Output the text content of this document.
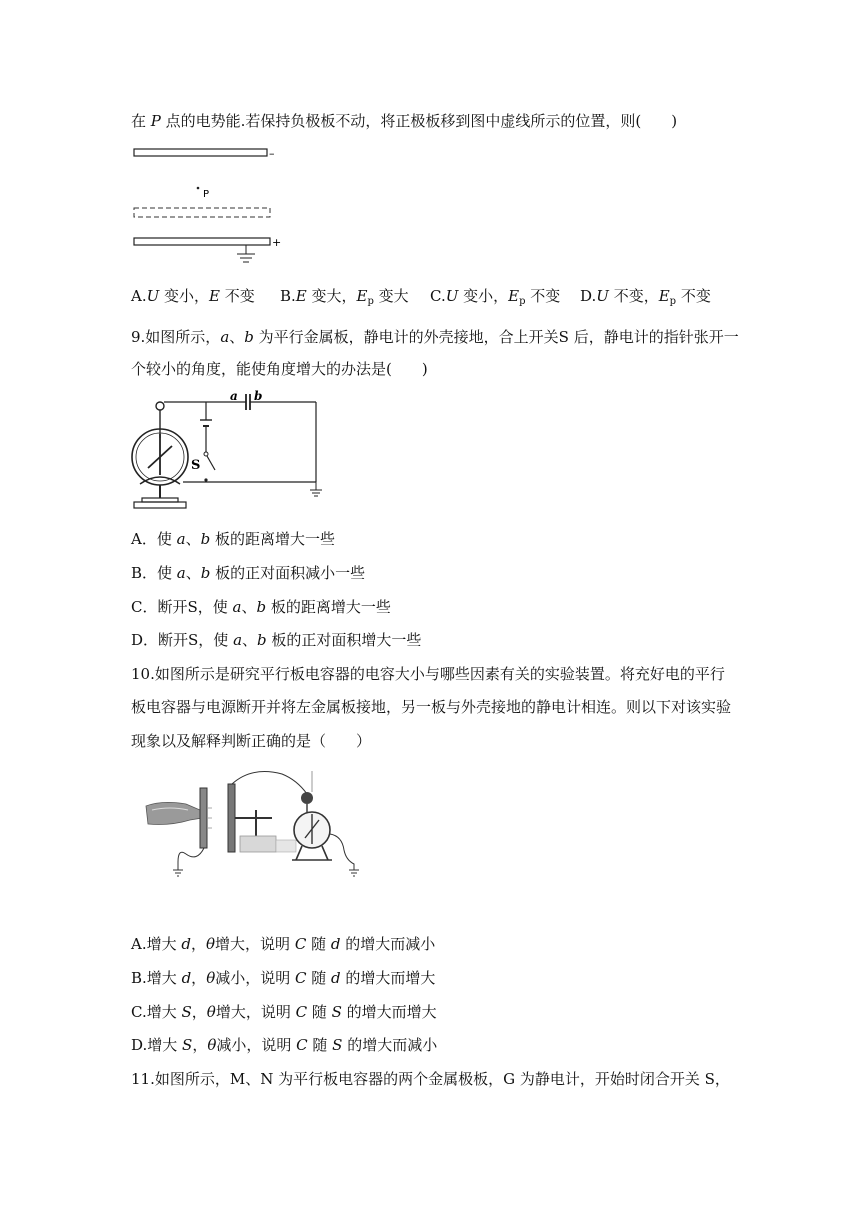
在 P 点的电势能.若保持负极板不动，将正极板移到图中虚线所示的位置，则(　　)
–
P
+
A.U 变小，E 不变 B.E 变大，$E_p$ 变大 C.U 变小，$E_p$ 不变 D.U 不变，$E_p$ 不变
9.如图所示，a、b 为平行金属板，静电计的外壳接地，合上开关S 后，静电计的指针张开一
个较小的角度，能使角度增大的办法是(　　)
a b
S
A．使 a、b 板的距离增大一些
B．使 a、b 板的正对面积减小一些
C．断开S，使 a、b 板的距离增大一些
D．断开S，使 a、b 板的正对面积增大一些
10.如图所示是研究平行板电容器的电容大小与哪些因素有关的实验装置。将充好电的平行
板电容器与电源断开并将左金属板接地，另一板与外壳接地的静电计相连。则以下对该实验
现象以及解释判断正确的是（　　）
A.增大 d，θ增大，说明 C 随 d 的增大而减小
B.增大 d，θ减小，说明 C 随 d 的增大而增大
C.增大 S，θ增大，说明 C 随 S 的增大而增大
D.增大 S，θ减小，说明 C 随 S 的增大而减小
11.如图所示，M、N 为平行板电容器的两个金属极板，G 为静电计，开始时闭合开关 S，
